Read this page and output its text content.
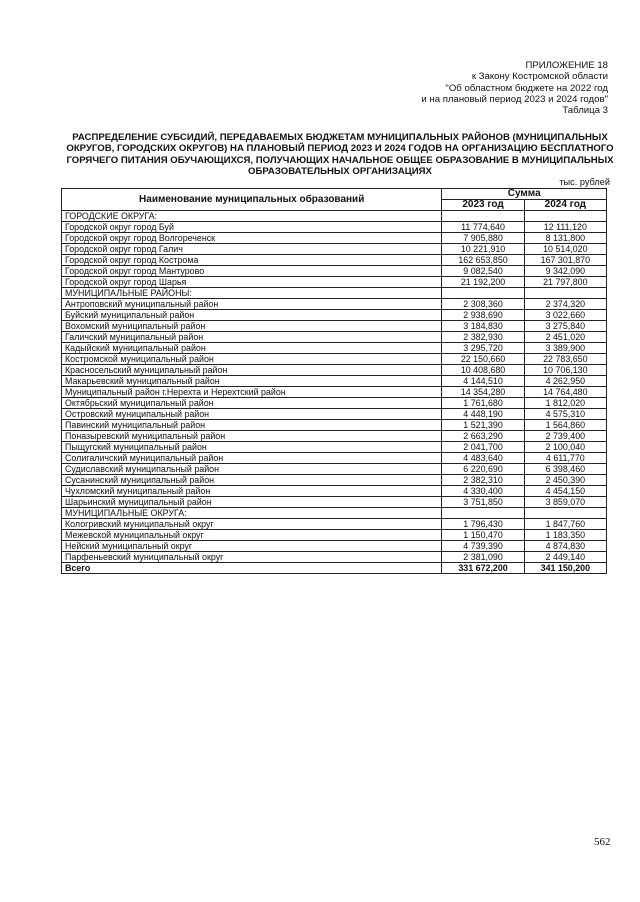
ПРИЛОЖЕНИЕ 18
к Закону Костромской области
"Об областном бюджете на 2022 год
и на плановый период 2023 и 2024 годов"
Таблица 3
РАСПРЕДЕЛЕНИЕ СУБСИДИЙ, ПЕРЕДАВАЕМЫХ БЮДЖЕТАМ МУНИЦИПАЛЬНЫХ РАЙОНОВ (МУНИЦИПАЛЬНЫХ ОКРУГОВ, ГОРОДСКИХ ОКРУГОВ) НА ПЛАНОВЫЙ ПЕРИОД 2023 И 2024 ГОДОВ НА ОРГАНИЗАЦИЮ БЕСПЛАТНОГО ГОРЯЧЕГО ПИТАНИЯ ОБУЧАЮЩИХСЯ, ПОЛУЧАЮЩИХ НАЧАЛЬНОЕ ОБЩЕЕ ОБРАЗОВАНИЕ В МУНИЦИПАЛЬНЫХ ОБРАЗОВАТЕЛЬНЫХ ОРГАНИЗАЦИЯХ
тыс. рублей
Наименование муниципальных образований	Сумма	
	2023 год	2024 год
ГОРОДСКИЕ ОКРУГА:		
Городской округ город Буй	11 774,640	12 111,120
Городской округ город Волгореченск	7 905,880	8 131,800
Городской округ город Галич	10 221,910	10 514,020
Городской округ город Кострома	162 653,850	167 301,870
Городской округ город Мантурово	9 082,540	9 342,090
Городской округ город Шарья	21 192,200	21 797,800
МУНИЦИПАЛЬНЫЕ РАЙОНЫ:		
Антроповский муниципальный район	2 308,360	2 374,320
Буйский муниципальный район	2 938,690	3 022,660
Вохомский муниципальный район	3 184,830	3 275,840
Галичский муниципальный район	2 382,930	2 451,020
Кадыйский муниципальный район	3 295,720	3 389,900
Костромской муниципальный район	22 150,660	22 783,650
Красносельский муниципальный район	10 408,680	10 706,130
Макарьевский муниципальный район	4 144,510	4 262,950
Муниципальный район г.Нерехта и Нерехтский район	14 354,280	14 764,480
Октябрьский муниципальный район	1 761,680	1 812,020
Островский муниципальный район	4 448,190	4 575,310
Павинский муниципальный район	1 521,390	1 564,860
Поназыревский муниципальный район	2 663,290	2 739,400
Пыщугский муниципальный район	2 041,700	2 100,040
Солигаличский муниципальный район	4 483,640	4 611,770
Судиславский муниципальный район	6 220,690	6 398,460
Сусанинский муниципальный район	2 382,310	2 450,390
Чухломский муниципальный район	4 330,400	4 454,150
Шарьинский муниципальный район	3 751,850	3 859,070
МУНИЦИПАЛЬНЫЕ ОКРУГА:		
Кологривский муниципальный округ	1 796,430	1 847,760
Межевской муниципальный округ	1 150,470	1 183,350
Нейский муниципальный округ	4 739,390	4 874,830
Парфеньевский муниципальный округ	2 381,090	2 449,140
Всего	331 672,200	341 150,200
562
